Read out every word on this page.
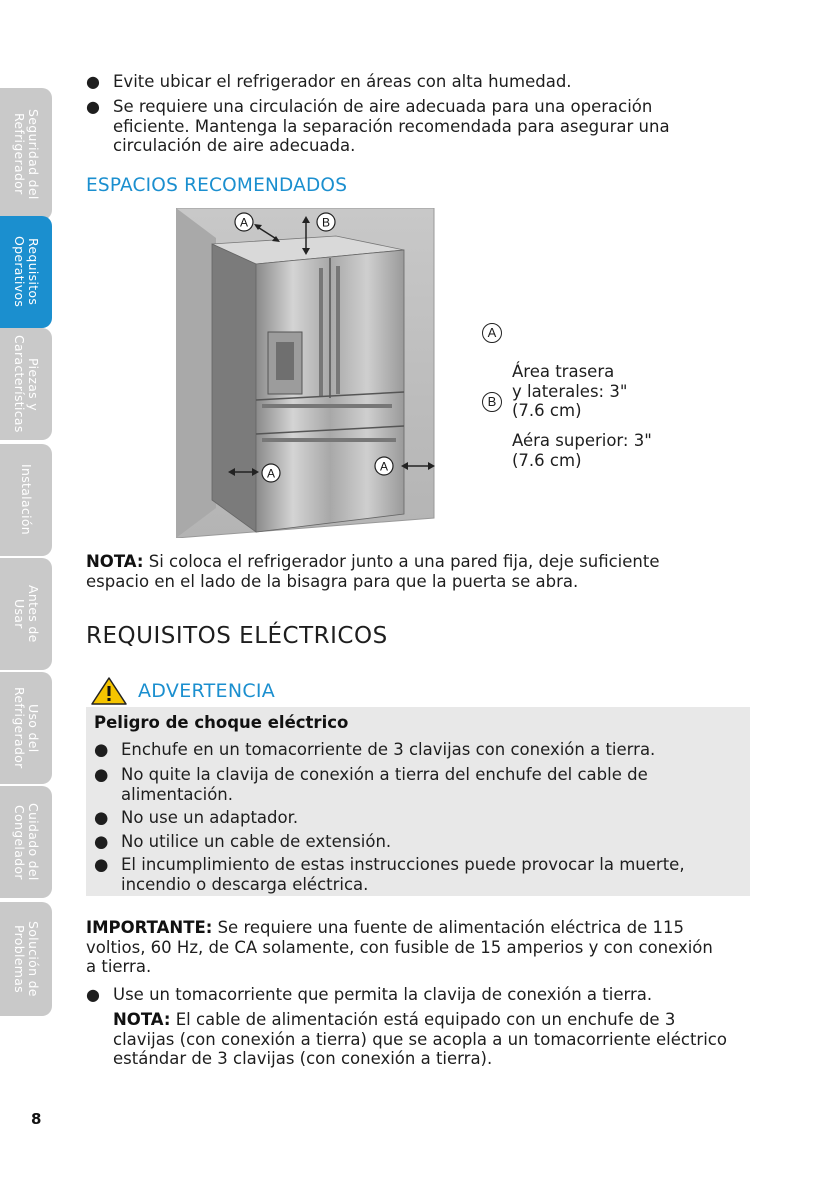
Seguridad del
Refrigerador
Requisitos
Operativos
Piezas y
Características
Instalación
Antes de
Usar
Uso del
Refrigerador
Cuidado del
Congelador
Solución de
Problemas
● Evite ubicar el refrigerador en áreas con alta humedad.
● Se requiere una circulación de aire adecuada para una operación eficiente. Mantenga la separación recomendada para asegurar una circulación de aire adecuada.
ESPACIOS RECOMENDADOS
A	B
A	A

A

Área trasera
y laterales: 3"
(7.6 cm)

B

Aéra superior: 3"
(7.6 cm)

NOTA: Si coloca el refrigerador junto a una pared fija, deje suficiente espacio en el lado de la bisagra para que la puerta se abra.
REQUISITOS ELÉCTRICOS
ADVERTENCIA
Peligro de choque eléctrico
● Enchufe en un tomacorriente de 3 clavijas con conexión a tierra.
● No quite la clavija de conexión a tierra del enchufe del cable de alimentación.
● No use un adaptador.
● No utilice un cable de extensión.
● El incumplimiento de estas instrucciones puede provocar la muerte, incendio o descarga eléctrica.
IMPORTANTE: Se requiere una fuente de alimentación eléctrica de 115 voltios, 60 Hz, de CA solamente, con fusible de 15 amperios y con conexión a tierra.
● Use un tomacorriente que permita la clavija de conexión a tierra.
NOTA: El cable de alimentación está equipado con un enchufe de 3 clavijas (con conexión a tierra) que se acopla a un tomacorriente eléctrico estándar de 3 clavijas (con conexión a tierra).
8
